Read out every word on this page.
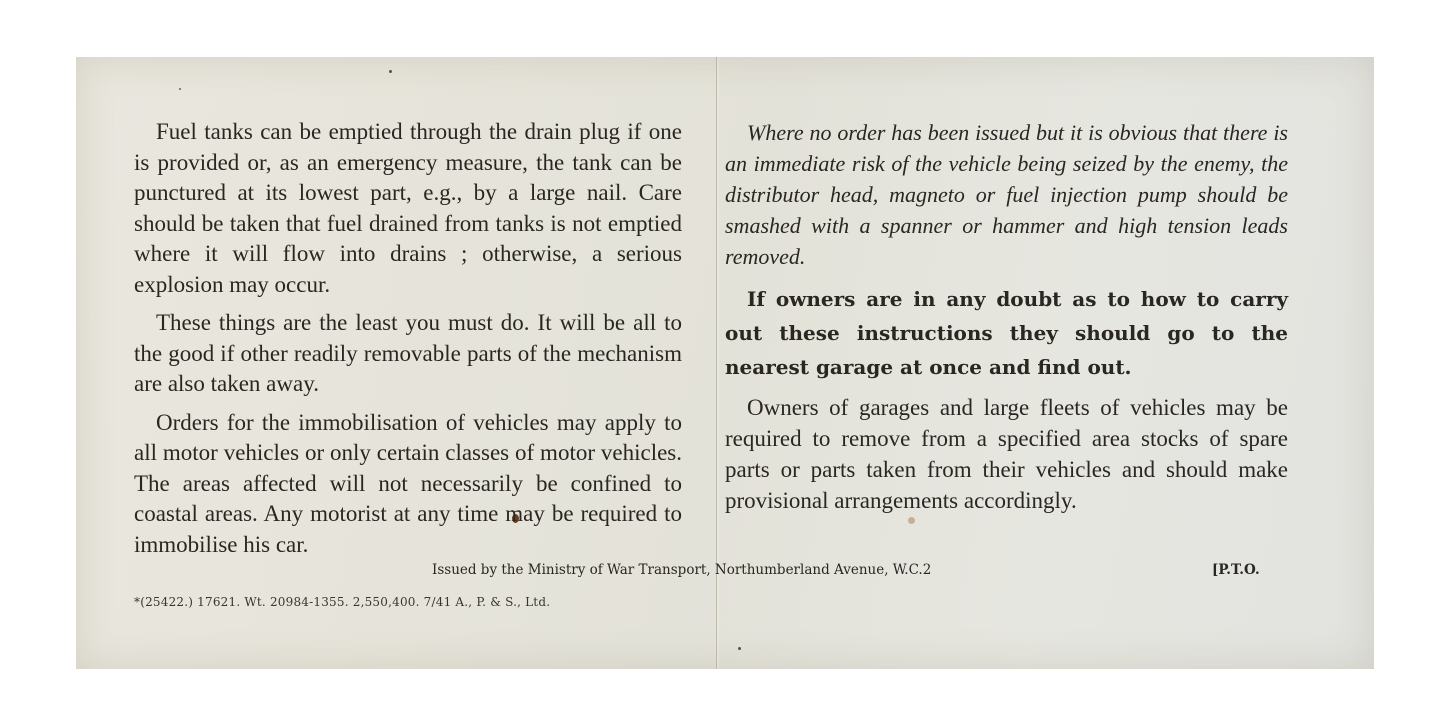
Fuel tanks can be emptied through the drain plug if one is provided or, as an emergency measure, the tank can be punctured at its lowest part, e.g., by a large nail. Care should be taken that fuel drained from tanks is not emptied where it will flow into drains ; otherwise, a serious explosion may occur.

These things are the least you must do. It will be all to the good if other readily removable parts of the mechanism are also taken away.

Orders for the immobilisation of vehicles may apply to all motor vehicles or only certain classes of motor vehicles. The areas affected will not necessarily be confined to coastal areas. Any motorist at any time may be required to immobilise his car.

Where no order has been issued but it is obvious that there is an immediate risk of the vehicle being seized by the enemy, the distributor head, magneto or fuel injection pump should be smashed with a spanner or hammer and high tension leads removed.

If owners are in any doubt as to how to carry out these instructions they should go to the nearest garage at once and find out.

Owners of garages and large fleets of vehicles may be required to remove from a specified area stocks of spare parts or parts taken from their vehicles and should make provisional arrangements accordingly.

Issued by the Ministry of War Transport, Northumberland Avenue, W.C.2	[P.T.O.
*(25422.) 17621. Wt. 20984-1355. 2,550,400. 7/41 A., P. & S., Ltd.
